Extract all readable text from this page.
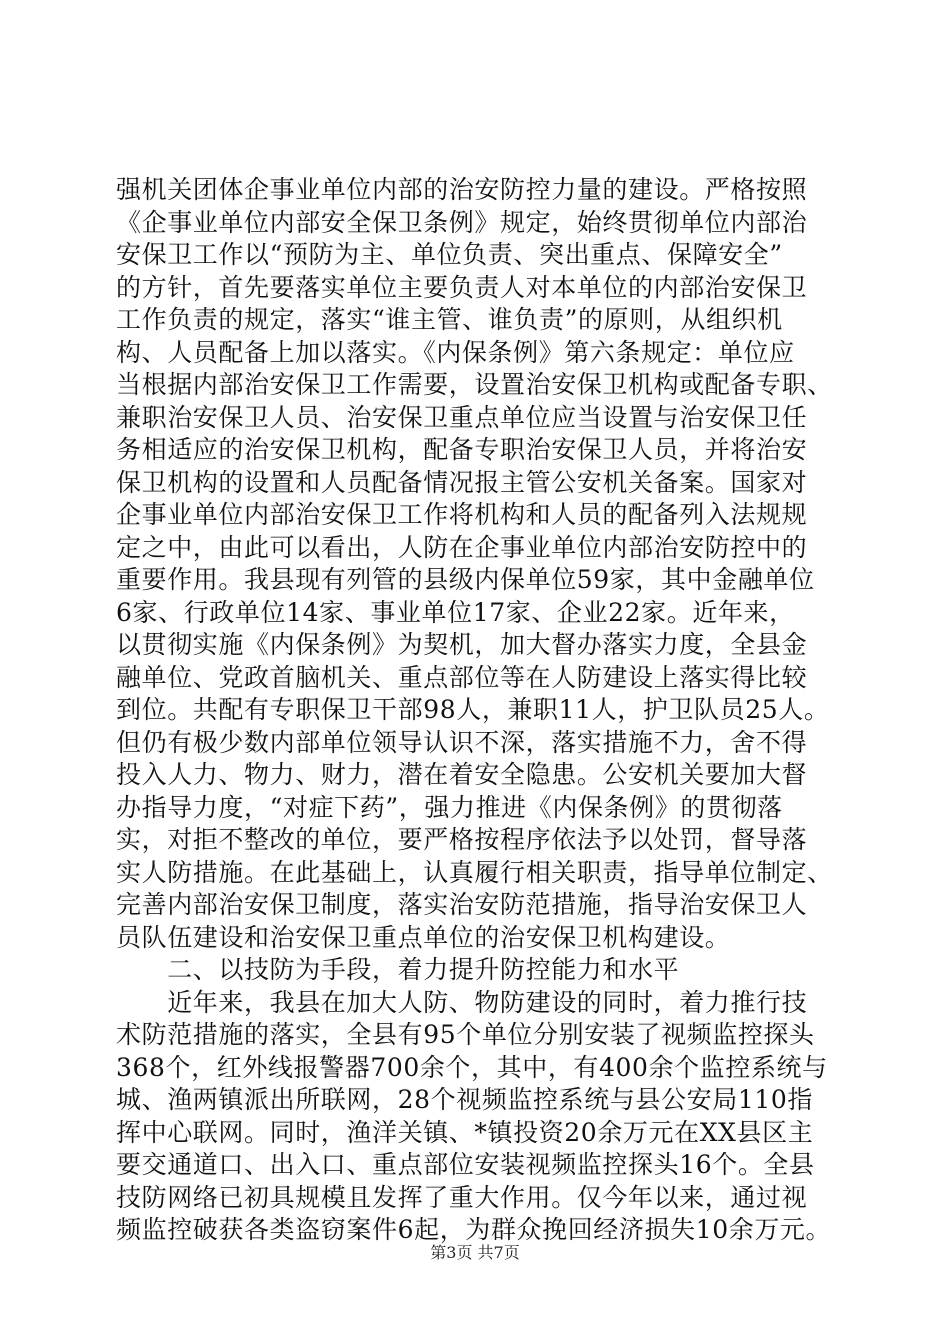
强机关团体企事业单位内部的治安防控力量的建设。严格按照
《企事业单位内部安全保卫条例》规定，始终贯彻单位内部治
安保卫工作以“预防为主、单位负责、突出重点、保障安全”
的方针，首先要落实单位主要负责人对本单位的内部治安保卫
工作负责的规定，落实“谁主管、谁负责”的原则，从组织机
构、人员配备上加以落实。《内保条例》第六条规定：单位应
当根据内部治安保卫工作需要，设置治安保卫机构或配备专职、
兼职治安保卫人员、治安保卫重点单位应当设置与治安保卫任
务相适应的治安保卫机构，配备专职治安保卫人员，并将治安
保卫机构的设置和人员配备情况报主管公安机关备案。国家对
企事业单位内部治安保卫工作将机构和人员的配备列入法规规
定之中，由此可以看出，人防在企事业单位内部治安防控中的
重要作用。我县现有列管的县级内保单位59家，其中金融单位
6家、行政单位14家、事业单位17家、企业22家。近年来，
以贯彻实施《内保条例》为契机，加大督办落实力度，全县金
融单位、党政首脑机关、重点部位等在人防建设上落实得比较
到位。共配有专职保卫干部98人，兼职11人，护卫队员25人。
但仍有极少数内部单位领导认识不深，落实措施不力，舍不得
投入人力、物力、财力，潜在着安全隐患。公安机关要加大督
办指导力度，“对症下药”，强力推进《内保条例》的贯彻落
实，对拒不整改的单位，要严格按程序依法予以处罚，督导落
实人防措施。在此基础上，认真履行相关职责，指导单位制定、
完善内部治安保卫制度，落实治安防范措施，指导治安保卫人
员队伍建设和治安保卫重点单位的治安保卫机构建设。
　　二、以技防为手段，着力提升防控能力和水平
　　近年来，我县在加大人防、物防建设的同时，着力推行技
术防范措施的落实，全县有95个单位分别安装了视频监控探头
368个，红外线报警器700余个，其中，有400余个监控系统与
城、渔两镇派出所联网，28个视频监控系统与县公安局110指
挥中心联网。同时，渔洋关镇、*镇投资20余万元在XX县区主
要交通道口、出入口、重点部位安装视频监控探头16个。全县
技防网络已初具规模且发挥了重大作用。仅今年以来，通过视
频监控破获各类盗窃案件6起，为群众挽回经济损失10余万元。
第3页 共7页
